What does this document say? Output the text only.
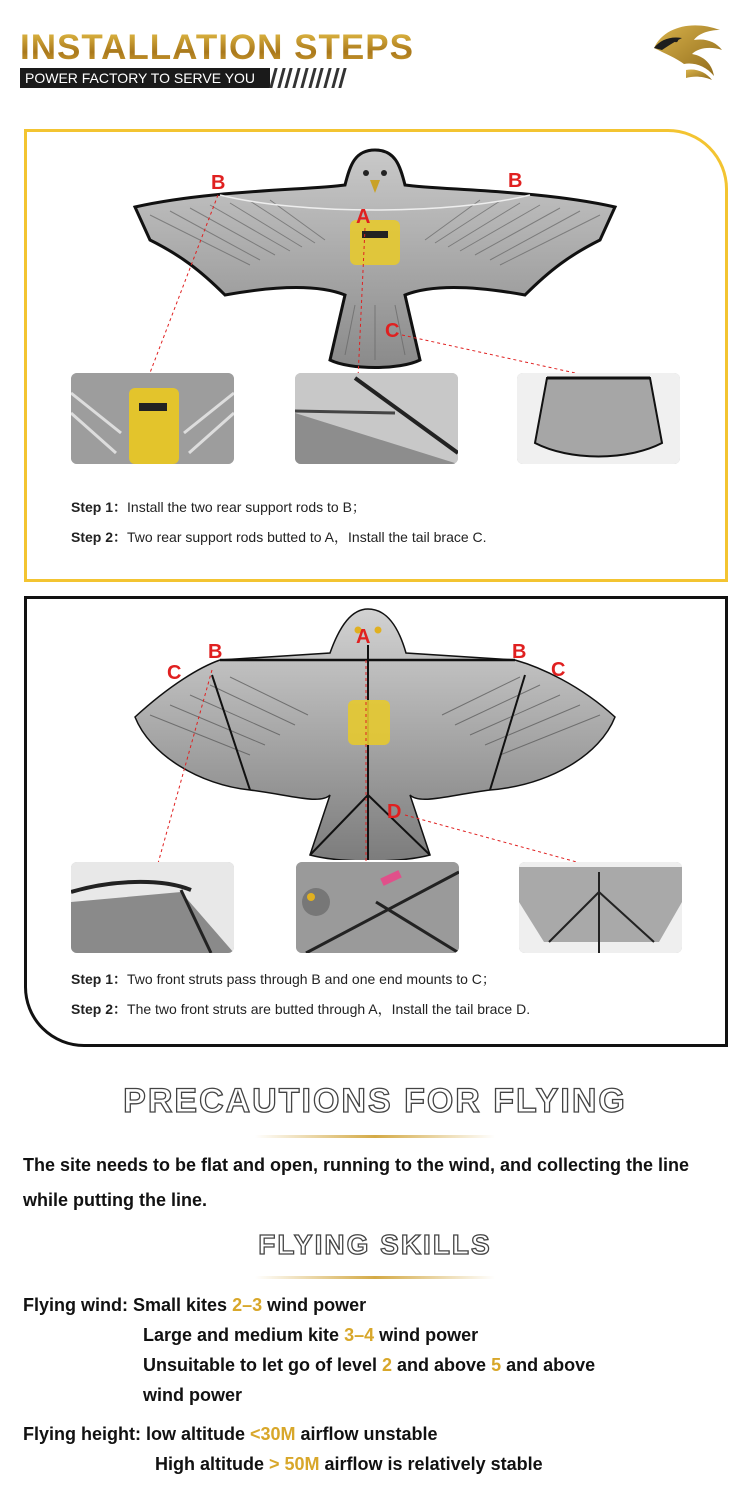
INSTALLATION STEPS
POWER FACTORY TO SERVE YOU
B	B
A
C
Step 1：Install the two rear support rods to B；
Step 2：Two rear support rods butted to A，Install the tail brace C.
A
B	B
C	C
D
Step 1：Two front struts pass through B and one end mounts to C；
Step 2：The two front struts are butted through A，Install the tail brace D.
PRECAUTIONS FOR FLYING
The site needs to be flat and open, running to the wind, and collecting the line while putting the line.
FLYING SKILLS
Flying wind: Small kites 2–3 wind power
Large and medium kite 3–4 wind power
Unsuitable to let go of level 2 and above 5 and above
wind power
Flying height: low altitude <30M airflow unstable
High altitude > 50M airflow is relatively stable
